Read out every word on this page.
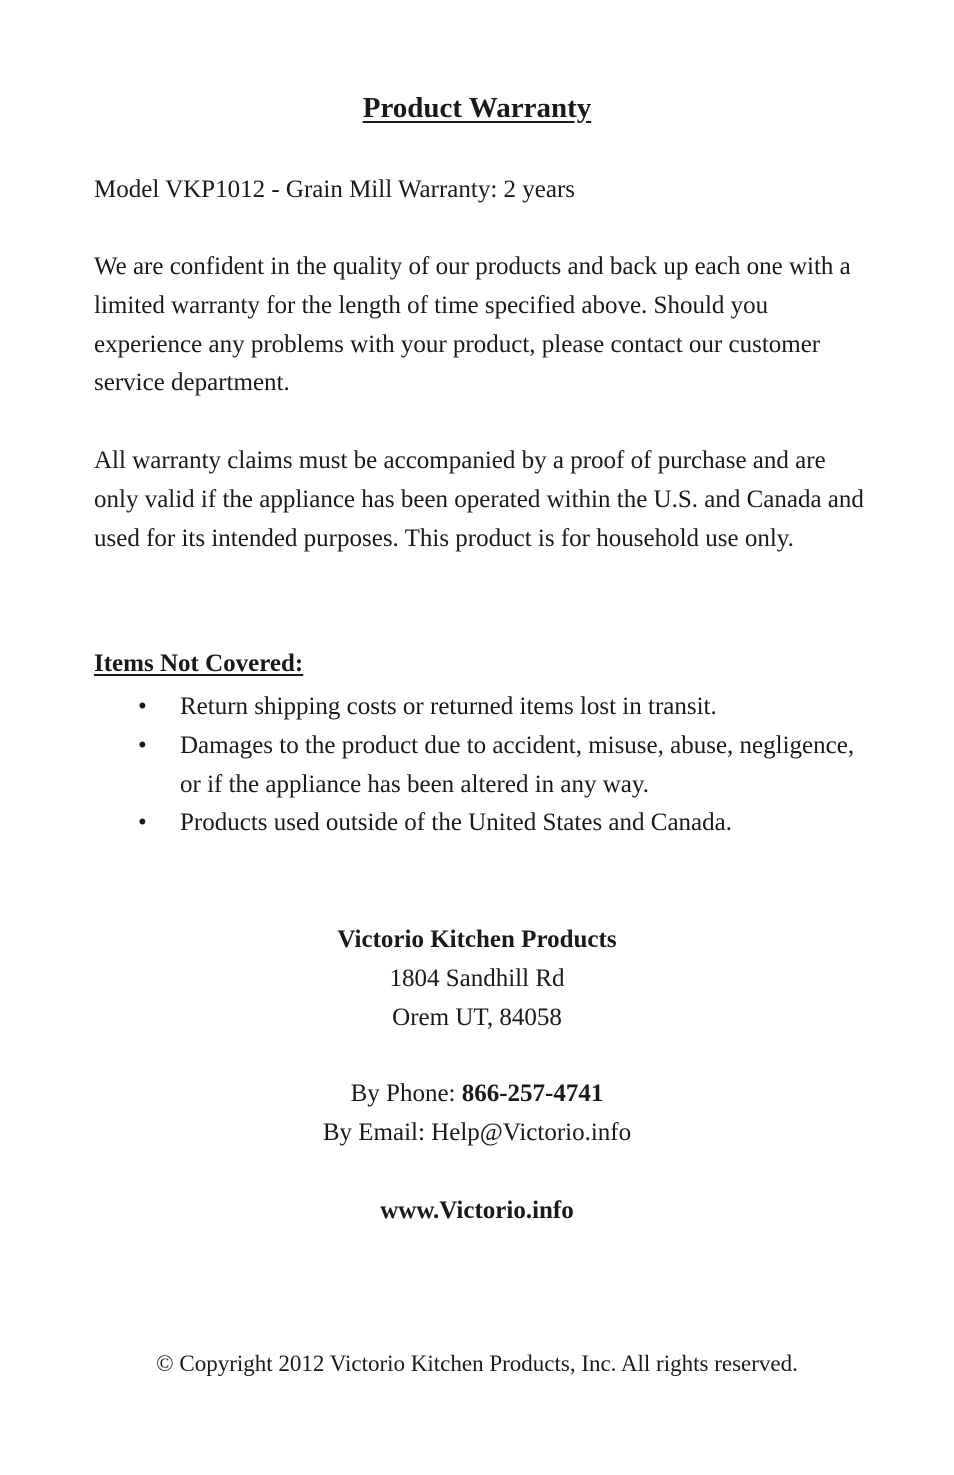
Product Warranty
Model VKP1012 - Grain Mill Warranty: 2 years
We are confident in the quality of our products and back up each one with a limited warranty for the length of time specified above. Should you experience any problems with your product, please contact our customer service department.
All warranty claims must be accompanied by a proof of purchase and are only valid if the appliance has been operated within the U.S. and Canada and used for its intended purposes. This product is for household use only.
Items Not Covered:
• Return shipping costs or returned items lost in transit.
• Damages to the product due to accident, misuse, abuse, negligence, or if the appliance has been altered in any way.
• Products used outside of the United States and Canada.
Victorio Kitchen Products
1804 Sandhill Rd
Orem UT, 84058
By Phone: 866-257-4741
By Email: Help@Victorio.info
www.Victorio.info
© Copyright 2012 Victorio Kitchen Products, Inc. All rights reserved.
